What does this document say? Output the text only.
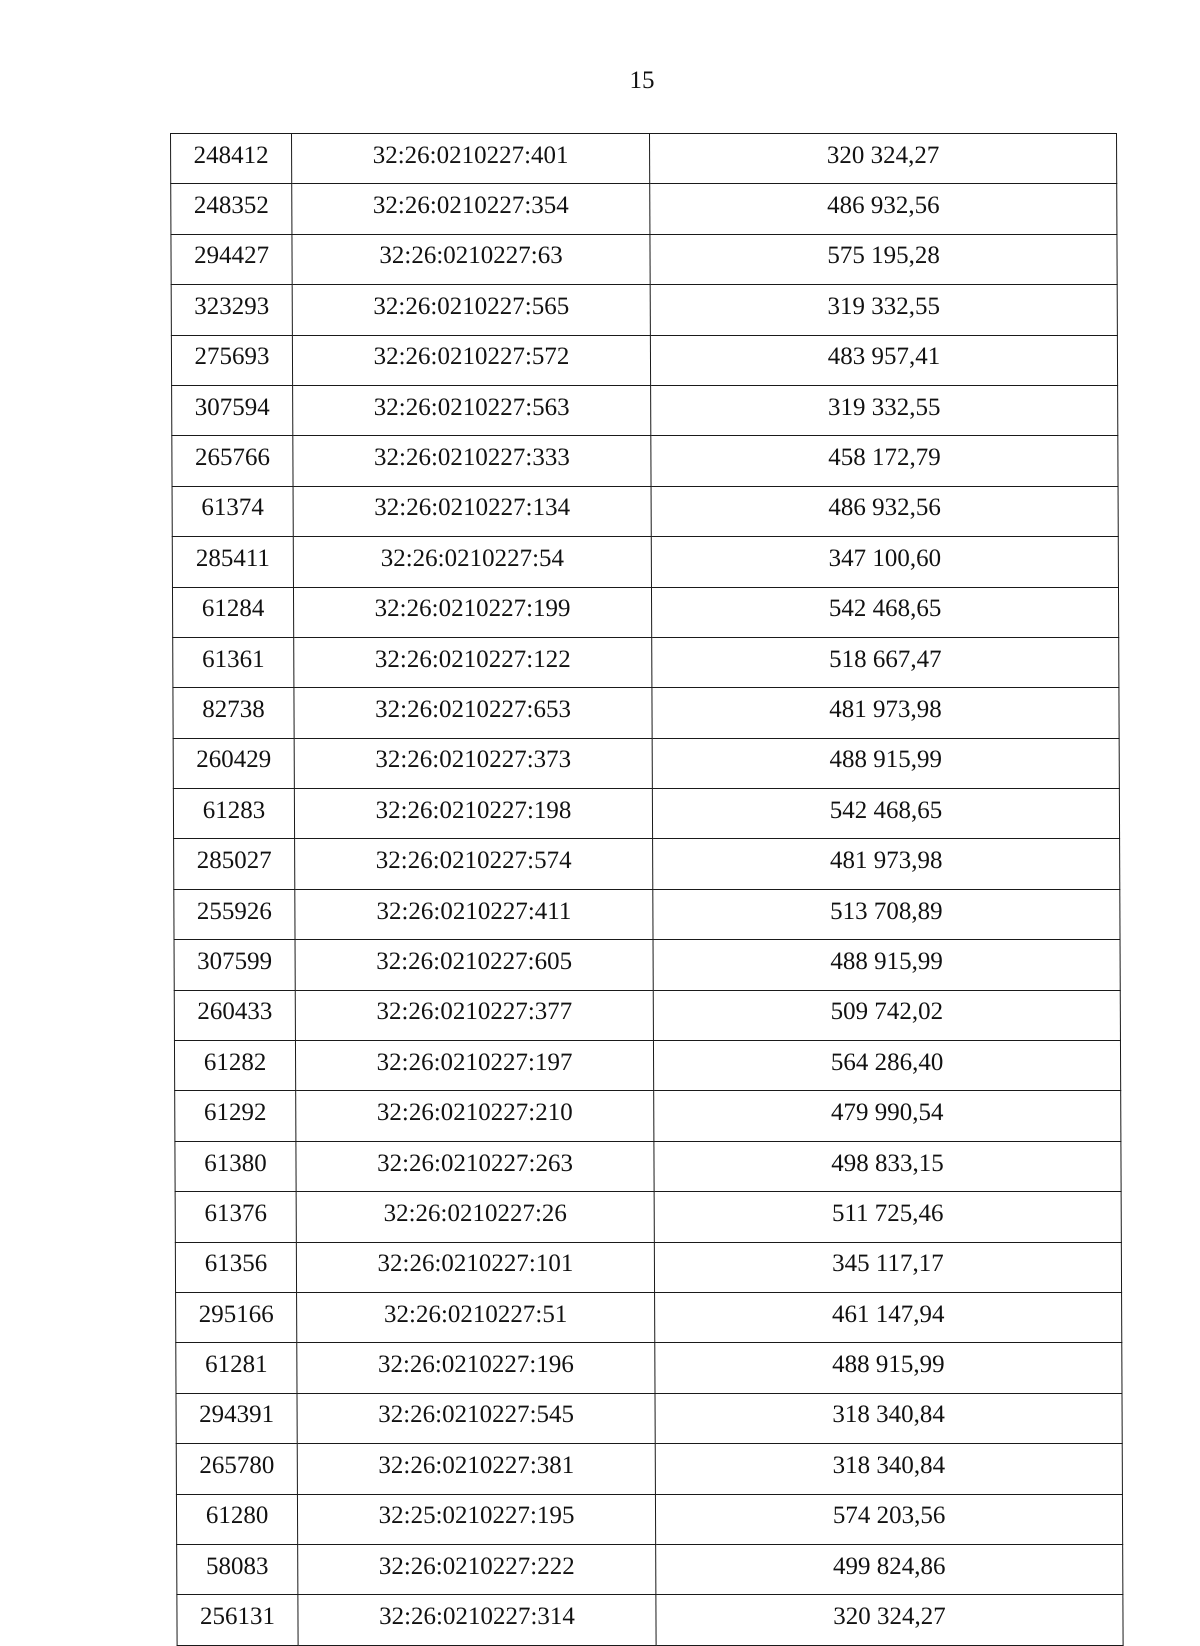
15
248412	32:26:0210227:401	320 324,27
248352	32:26:0210227:354	486 932,56
294427	32:26:0210227:63	575 195,28
323293	32:26:0210227:565	319 332,55
275693	32:26:0210227:572	483 957,41
307594	32:26:0210227:563	319 332,55
265766	32:26:0210227:333	458 172,79
61374	32:26:0210227:134	486 932,56
285411	32:26:0210227:54	347 100,60
61284	32:26:0210227:199	542 468,65
61361	32:26:0210227:122	518 667,47
82738	32:26:0210227:653	481 973,98
260429	32:26:0210227:373	488 915,99
61283	32:26:0210227:198	542 468,65
285027	32:26:0210227:574	481 973,98
255926	32:26:0210227:411	513 708,89
307599	32:26:0210227:605	488 915,99
260433	32:26:0210227:377	509 742,02
61282	32:26:0210227:197	564 286,40
61292	32:26:0210227:210	479 990,54
61380	32:26:0210227:263	498 833,15
61376	32:26:0210227:26	511 725,46
61356	32:26:0210227:101	345 117,17
295166	32:26:0210227:51	461 147,94
61281	32:26:0210227:196	488 915,99
294391	32:26:0210227:545	318 340,84
265780	32:26:0210227:381	318 340,84
61280	32:25:0210227:195	574 203,56
58083	32:26:0210227:222	499 824,86
256131	32:26:0210227:314	320 324,27
